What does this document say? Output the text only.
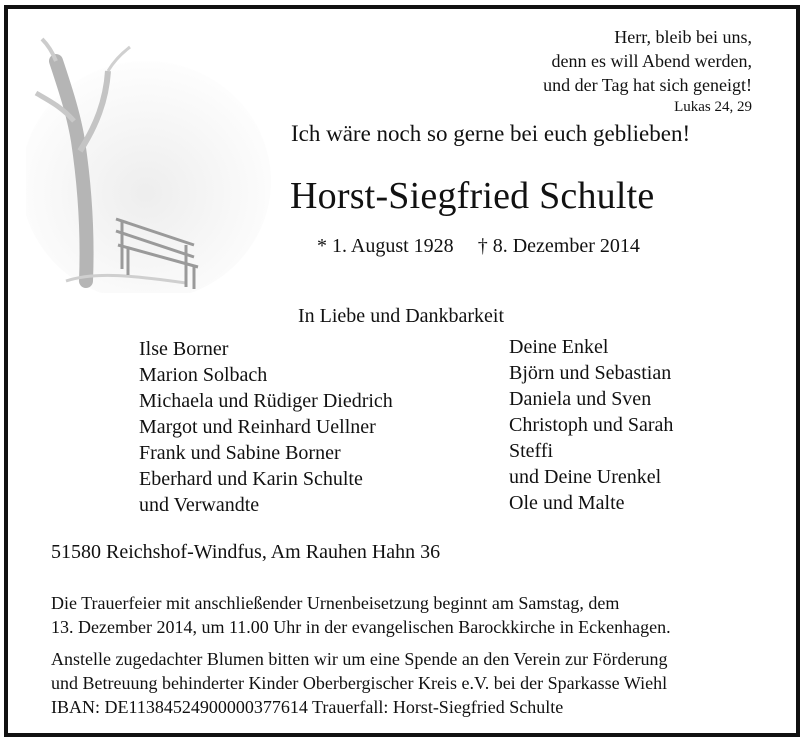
Herr, bleib bei uns,
denn es will Abend werden,
und der Tag hat sich geneigt!
Lukas 24, 29
Ich wäre noch so gerne bei euch geblieben!
Horst-Siegfried Schulte
* 1. August 1928 † 8. Dezember 2014
In Liebe und Dankbarkeit
Ilse Borner
Marion Solbach
Michaela und Rüdiger Diedrich
Margot und Reinhard Uellner
Frank und Sabine Borner
Eberhard und Karin Schulte
und Verwandte
Deine Enkel
Björn und Sebastian
Daniela und Sven
Christoph und Sarah
Steffi
und Deine Urenkel
Ole und Malte
51580 Reichshof-Windfus, Am Rauhen Hahn 36
Die Trauerfeier mit anschließender Urnenbeisetzung beginnt am Samstag, dem
13. Dezember 2014, um 11.00 Uhr in der evangelischen Barockkirche in Eckenhagen.
Anstelle zugedachter Blumen bitten wir um eine Spende an den Verein zur Förderung
und Betreuung behinderter Kinder Oberbergischer Kreis e.V. bei der Sparkasse Wiehl
IBAN: DE11384524900000377614 Trauerfall: Horst-Siegfried Schulte
